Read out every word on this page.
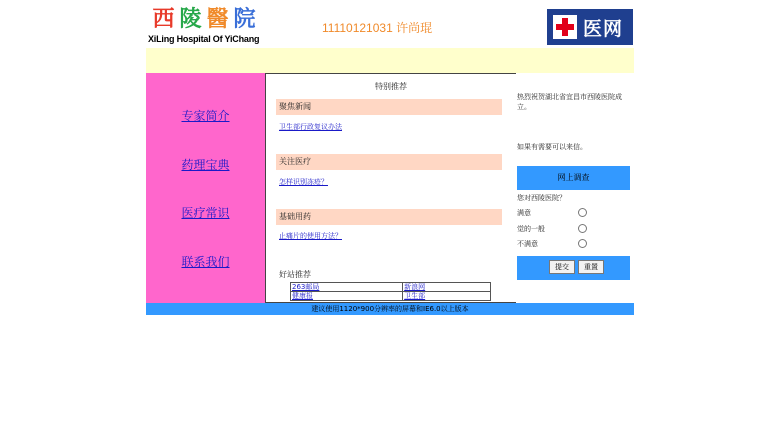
西 陵 醫 院
XiLing Hospital Of YiChang
11110121031 许尚琨	医网
专家简介
药理宝典
医疗常识
联系我们
特别推荐
聚焦新闻
卫生部行政复议办法
关注医疗
怎样识别冻疮？
基础用药
止痛片的使用方法？
好站推荐
263邮局	新浪网
健康报	卫生部
热烈祝贺湖北省宜昌市西陵医院成立。
如果有需要可以来信。
网上调查
您对西陵医院？
满意
觉的一般
不满意
提交	重置
建议使用1120*900分辨率的屏幕和IE6.0以上版本
